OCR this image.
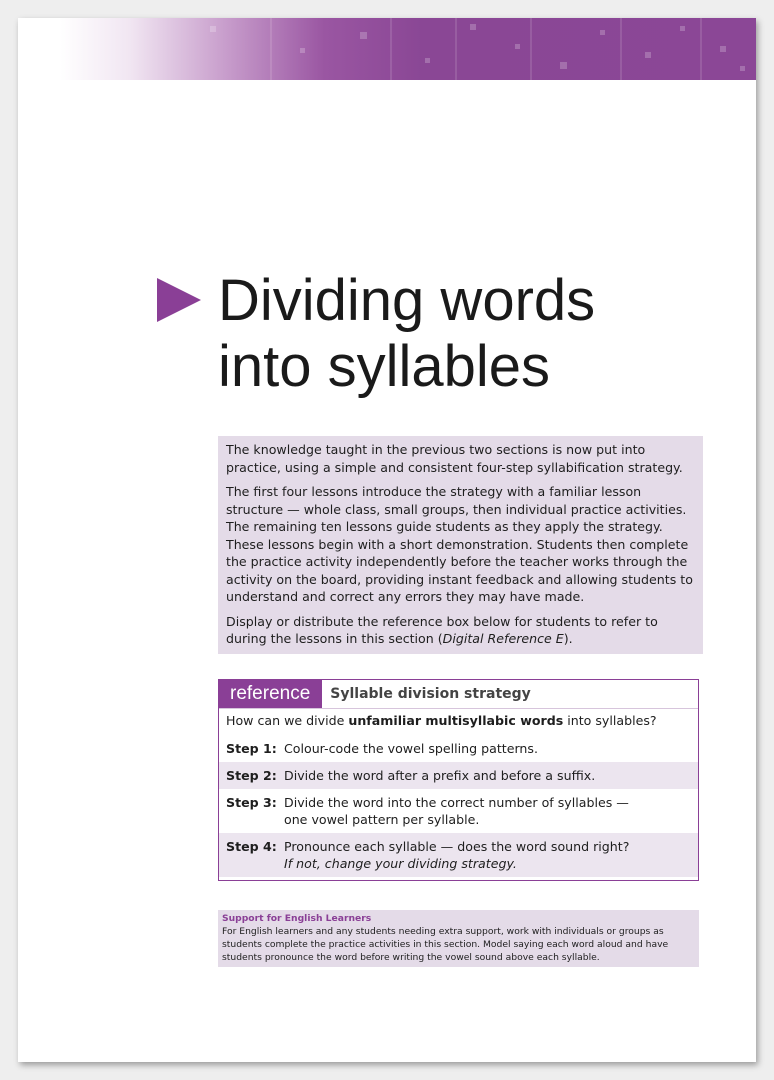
Dividing words
into syllables

The knowledge taught in the previous two sections is now put into practice, using a simple and consistent four-step syllabification strategy.

The first four lessons introduce the strategy with a familiar lesson structure — whole class, small groups, then individual practice activities. The remaining ten lessons guide students as they apply the strategy. These lessons begin with a short demonstration. Students then complete the practice activity independently before the teacher works through the activity on the board, providing instant feedback and allowing students to understand and correct any errors they may have made.

Display or distribute the reference box below for students to refer to during the lessons in this section (Digital Reference E).

reference	Syllable division strategy
How can we divide unfamiliar multisyllabic words into syllables?
Step 1: Colour-code the vowel spelling patterns.
Step 2: Divide the word after a prefix and before a suffix.
Step 3: Divide the word into the correct number of syllables —
one vowel pattern per syllable.
Step 4: Pronounce each syllable — does the word sound right?
If not, change your dividing strategy.
Support for English Learners
For English learners and any students needing extra support, work with individuals or groups as students complete the practice activities in this section. Model saying each word aloud and have students pronounce the word before writing the vowel sound above each syllable.
